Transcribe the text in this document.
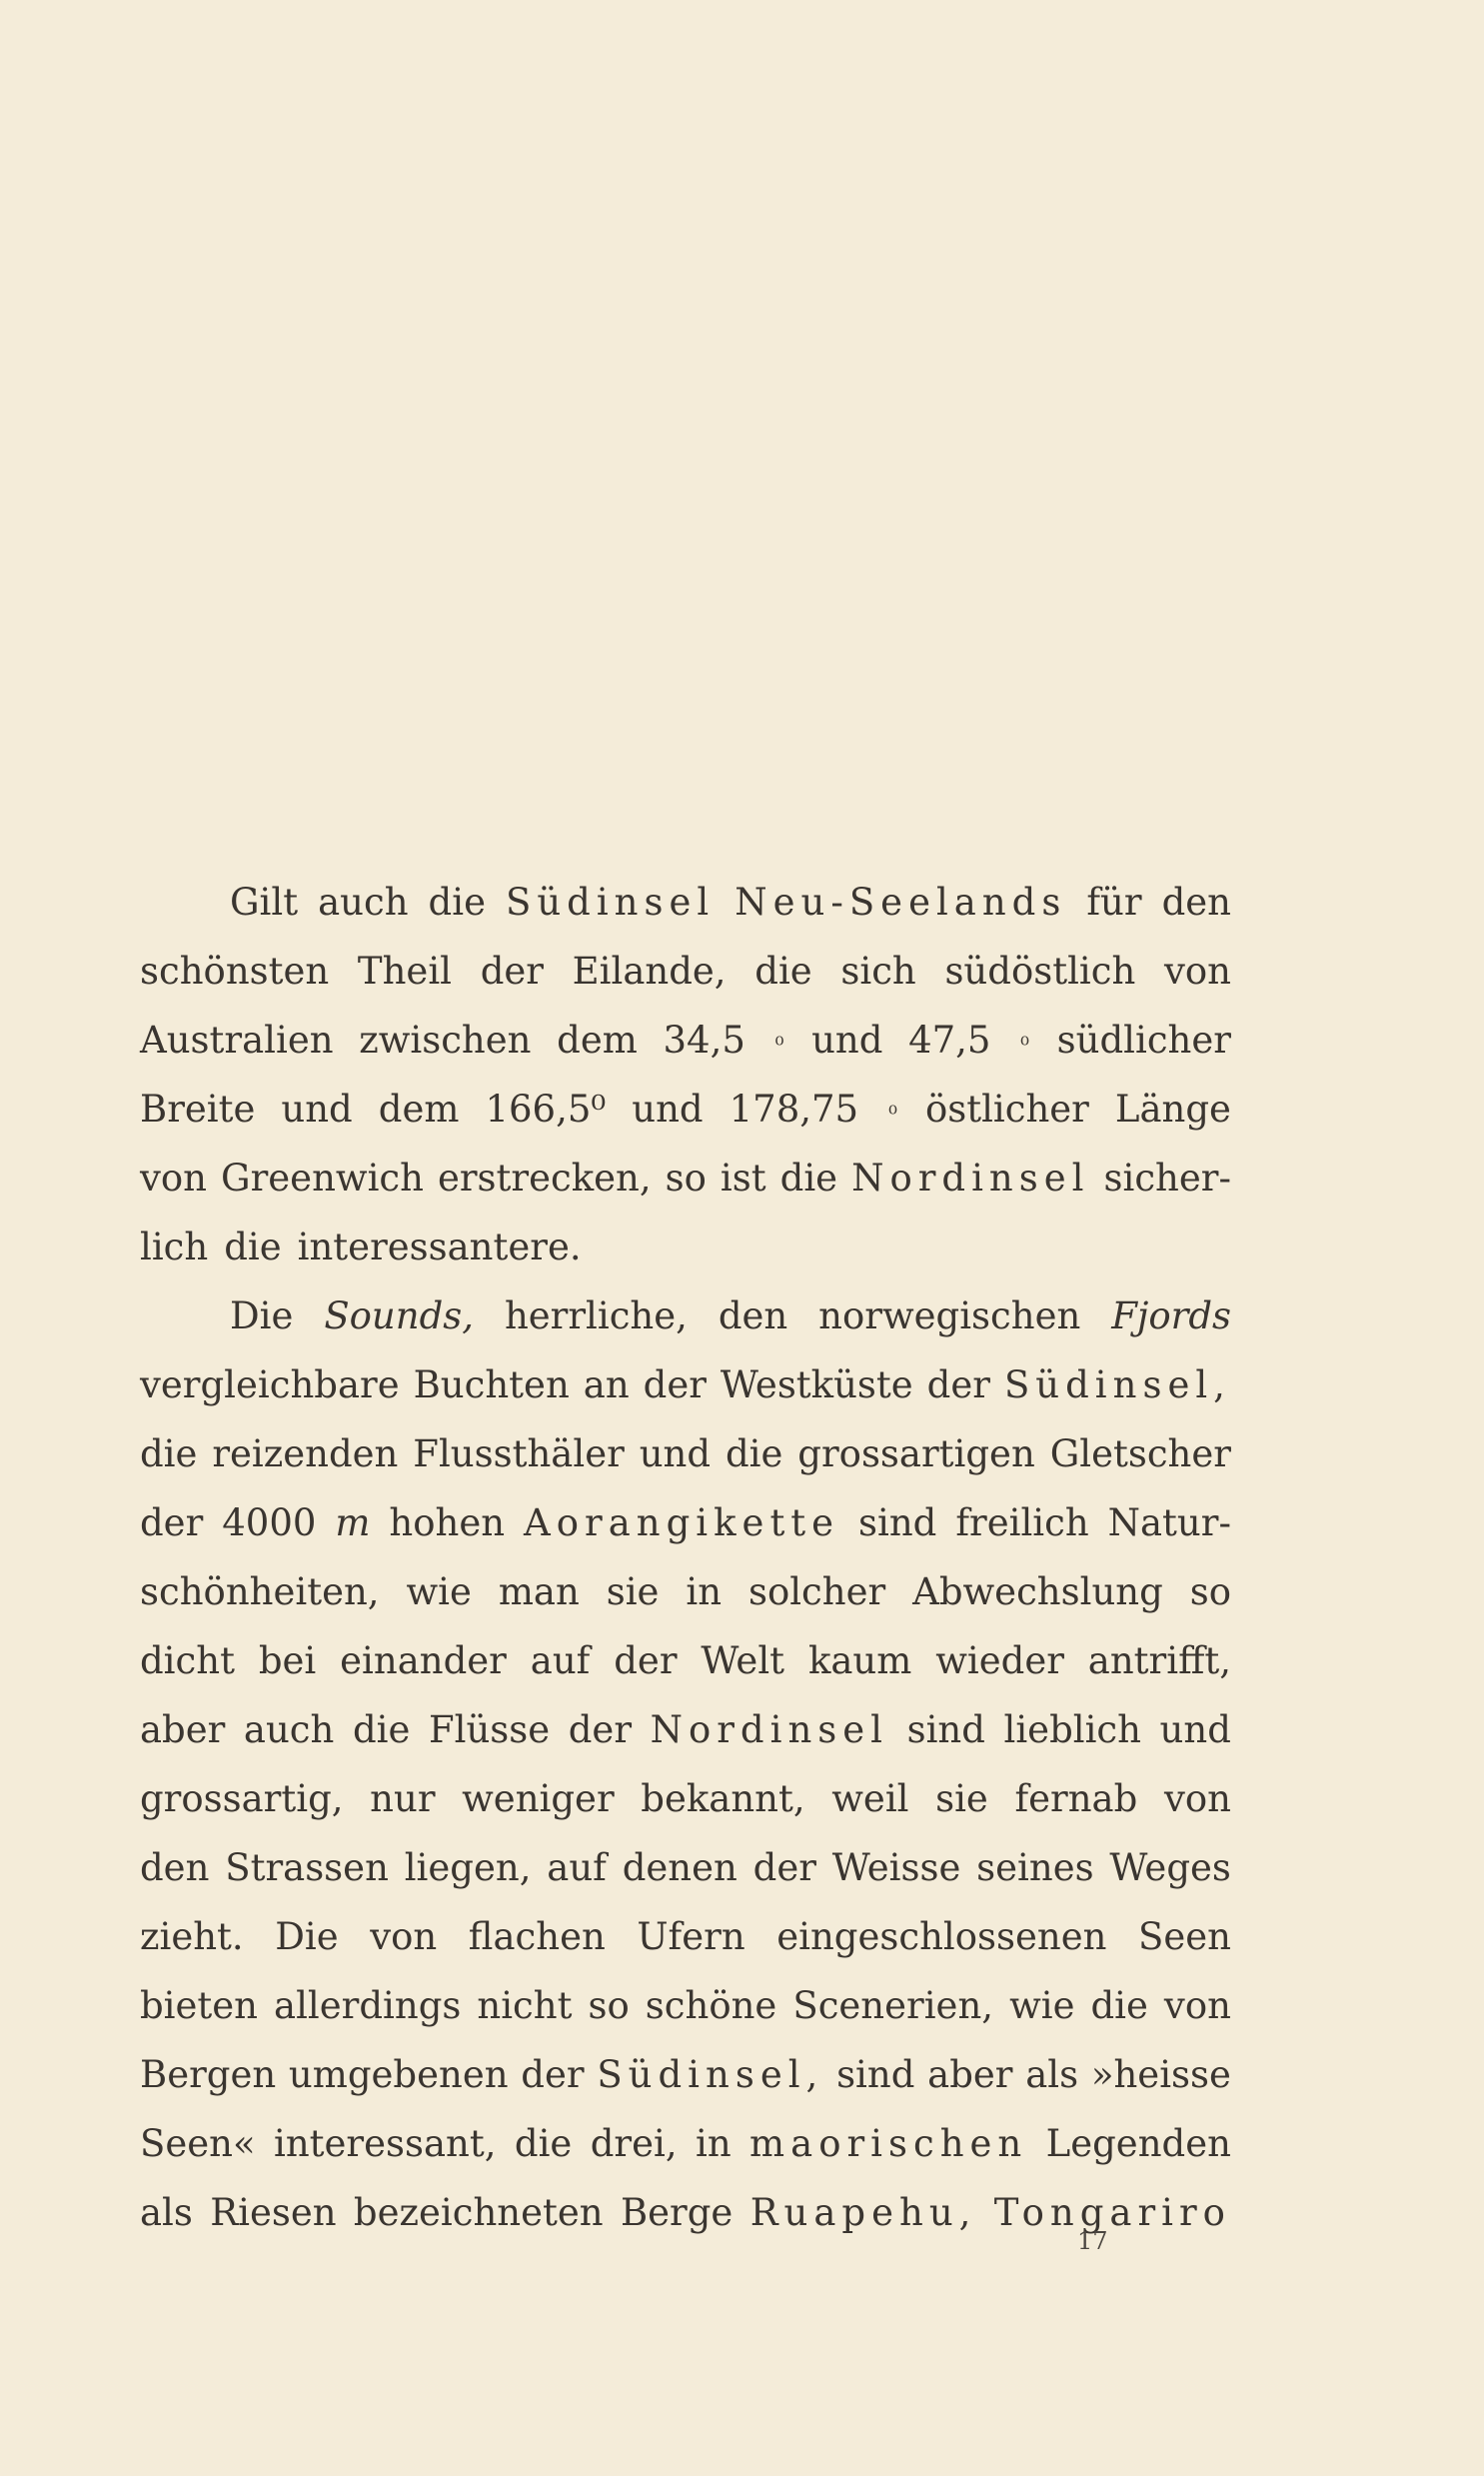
Gilt auch die Südinsel Neu-Seelands für den
schönsten Theil der Eilande, die sich südöstlich von
Australien zwischen dem 34,5 ⁰ und 47,5 ⁰ südlicher
Breite und dem 166,5⁰ und 178,75 ⁰ östlicher Länge
von Greenwich erstrecken, so ist die Nordinsel sicher-
lich die interessantere.
Die Sounds, herrliche, den norwegischen Fjords
vergleichbare Buchten an der Westküste der Südinsel,
die reizenden Flussthäler und die grossartigen Gletscher
der 4000 m hohen Aorangikette sind freilich Natur-
schönheiten, wie man sie in solcher Abwechslung so
dicht bei einander auf der Welt kaum wieder antrifft,
aber auch die Flüsse der Nordinsel sind lieblich und
grossartig, nur weniger bekannt, weil sie fernab von
den Strassen liegen, auf denen der Weisse seines Weges
zieht. Die von flachen Ufern eingeschlossenen Seen
bieten allerdings nicht so schöne Scenerien, wie die von
Bergen umgebenen der Südinsel, sind aber als »heisse
Seen« interessant, die drei, in maorischen Legenden
als Riesen bezeichneten Berge Ruapehu, Tongariro
17
